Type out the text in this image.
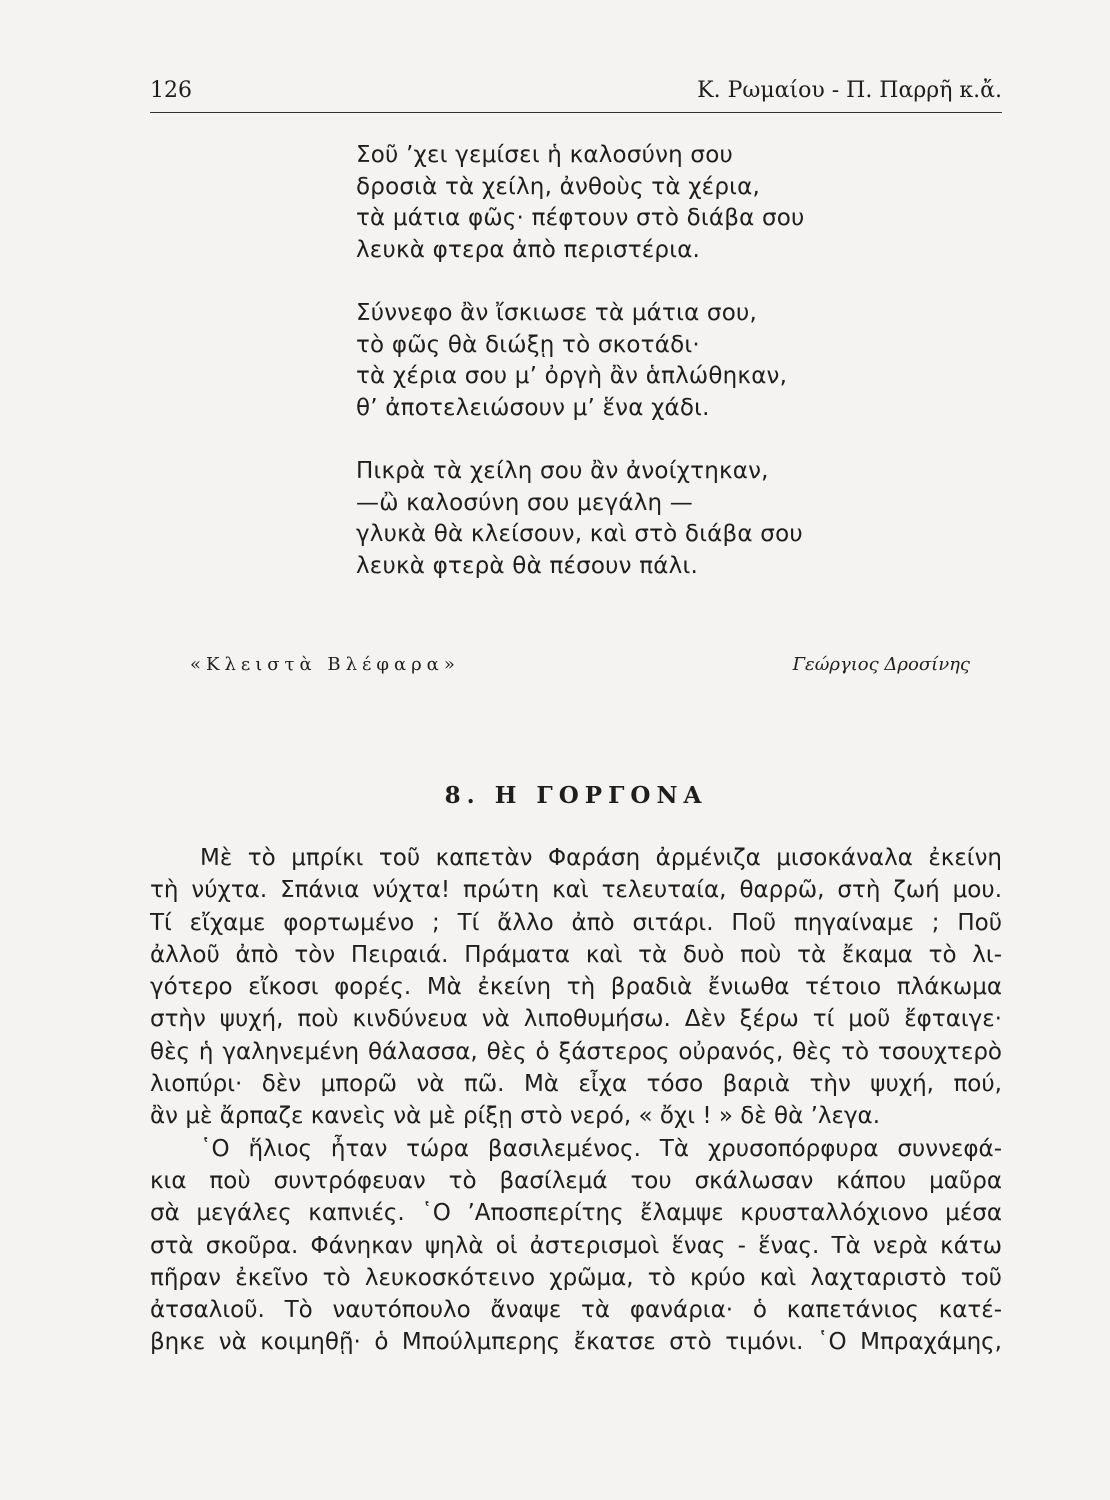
126	Κ. Ρωμαίου - Π. Παρρῆ κ.ἄ.
Σοῦ ’χει γεμίσει ἡ καλοσύνη σου
δροσιὰ τὰ χείλη, ἀνθοὺς τὰ χέρια,
τὰ μάτια φῶς· πέφτουν στὸ διάβα σου
λευκὰ φτερα ἀπὸ περιστέρια.
Σύννεφο ἂν ἴσκιωσε τὰ μάτια σου,
τὸ φῶς θὰ διώξῃ τὸ σκοτάδι·
τὰ χέρια σου μ’ ὀργὴ ἂν ἁπλώθηκαν,
θ’ ἀποτελειώσουν μ’ ἕνα χάδι.
Πικρὰ τὰ χείλη σου ἂν ἀνοίχτηκαν,
—ὢ καλοσύνη σου μεγάλη —
γλυκὰ θὰ κλείσουν, καὶ στὸ διάβα σου
λευκὰ φτερὰ θὰ πέσουν πάλι.
«Κλειστὰ Βλέφαρα»	Γεώργιος Δροσίνης
8. Η ΓΟΡΓΟΝΑ
Μὲ τὸ μπρίκι τοῦ καπετὰν Φαράση ἀρμένιζα μισοκάναλα ἐκείνη
τὴ νύχτα. Σπάνια νύχτα! πρώτη καὶ τελευταία, θαρρῶ, στὴ ζωή μου.
Τί εἴχαμε φορτωμένο ; Τί ἄλλο ἀπὸ σιτάρι. Ποῦ πηγαίναμε ; Ποῦ
ἀλλοῦ ἀπὸ τὸν Πειραιά. Πράματα καὶ τὰ δυὸ ποὺ τὰ ἔκαμα τὸ λι-
γότερο εἴκοσι φορές. Μὰ ἐκείνη τὴ βραδιὰ ἔνιωθα τέτοιο πλάκωμα
στὴν ψυχή, ποὺ κινδύνευα νὰ λιποθυμήσω. Δὲν ξέρω τί μοῦ ἔφταιγε·
θὲς ἡ γαληνεμένη θάλασσα, θὲς ὁ ξάστερος οὐρανός, θὲς τὸ τσουχτερὸ
λιοπύρι· δὲν μπορῶ νὰ πῶ. Μὰ εἶχα τόσο βαριὰ τὴν ψυχή, πού,
ἂν μὲ ἄρπαζε κανεὶς νὰ μὲ ρίξῃ στὸ νερό, « ὄχι ! » δὲ θὰ ’λεγα.
῾Ο ἥλιος ἦταν τώρα βασιλεμένος. Τὰ χρυσοπόρφυρα συννεφά-
κια ποὺ συντρόφευαν τὸ βασίλεμά του σκάλωσαν κάπου μαῦρα
σὰ μεγάλες καπνιές. ῾Ο ’Αποσπερίτης ἔλαμψε κρυσταλλόχιονο μέσα
στὰ σκοῦρα. Φάνηκαν ψηλὰ οἱ ἀστερισμοὶ ἕνας - ἕνας. Τὰ νερὰ κάτω
πῆραν ἐκεῖνο τὸ λευκοσκότεινο χρῶμα, τὸ κρύο καὶ λαχταριστὸ τοῦ
ἀτσαλιοῦ. Τὸ ναυτόπουλο ἄναψε τὰ φανάρια· ὁ καπετάνιος κατέ-
βηκε νὰ κοιμηθῇ· ὁ Μπούλμπερης ἔκατσε στὸ τιμόνι. ῾Ο Μπραχάμης,
